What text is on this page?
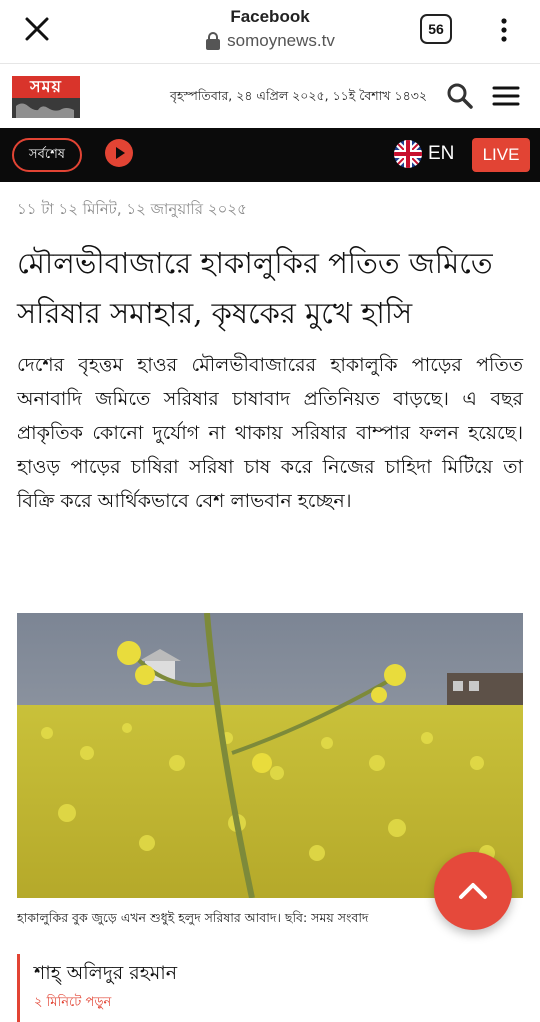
Facebook
somoynews.tv
56
সময়	বৃহস্পতিবার, ২৪ এপ্রিল ২০২৫, ১১ই বৈশাখ ১৪৩২
সর্বশেষ	EN	LIVE
১১ টা ১২ মিনিট, ১২ জানুয়ারি ২০২৫
মৌলভীবাজারে হাকালুকির পতিত জমিতে সরিষার সমাহার, কৃষকের মুখে হাসি

দেশের বৃহত্তম হাওর মৌলভীবাজারের হাকালুকি পাড়ের পতিত অনাবাদি জমিতে সরিষার চাষাবাদ প্রতিনিয়ত বাড়ছে। এ বছর প্রাকৃতিক কোনো দুর্যোগ না থাকায় সরিষার বাম্পার ফলন হয়েছে। হাওড় পাড়ের চাষিরা সরিষা চাষ করে নিজের চাহিদা মিটিয়ে তা বিক্রি করে আর্থিকভাবে বেশ লাভবান হচ্ছেন।

হাকালুকির বুক জুড়ে এখন শুধুই হলুদ সরিষার আবাদ। ছবি: সময় সংবাদ
শাহ্ অলিদুর রহমান
২ মিনিটে পড়ুন
